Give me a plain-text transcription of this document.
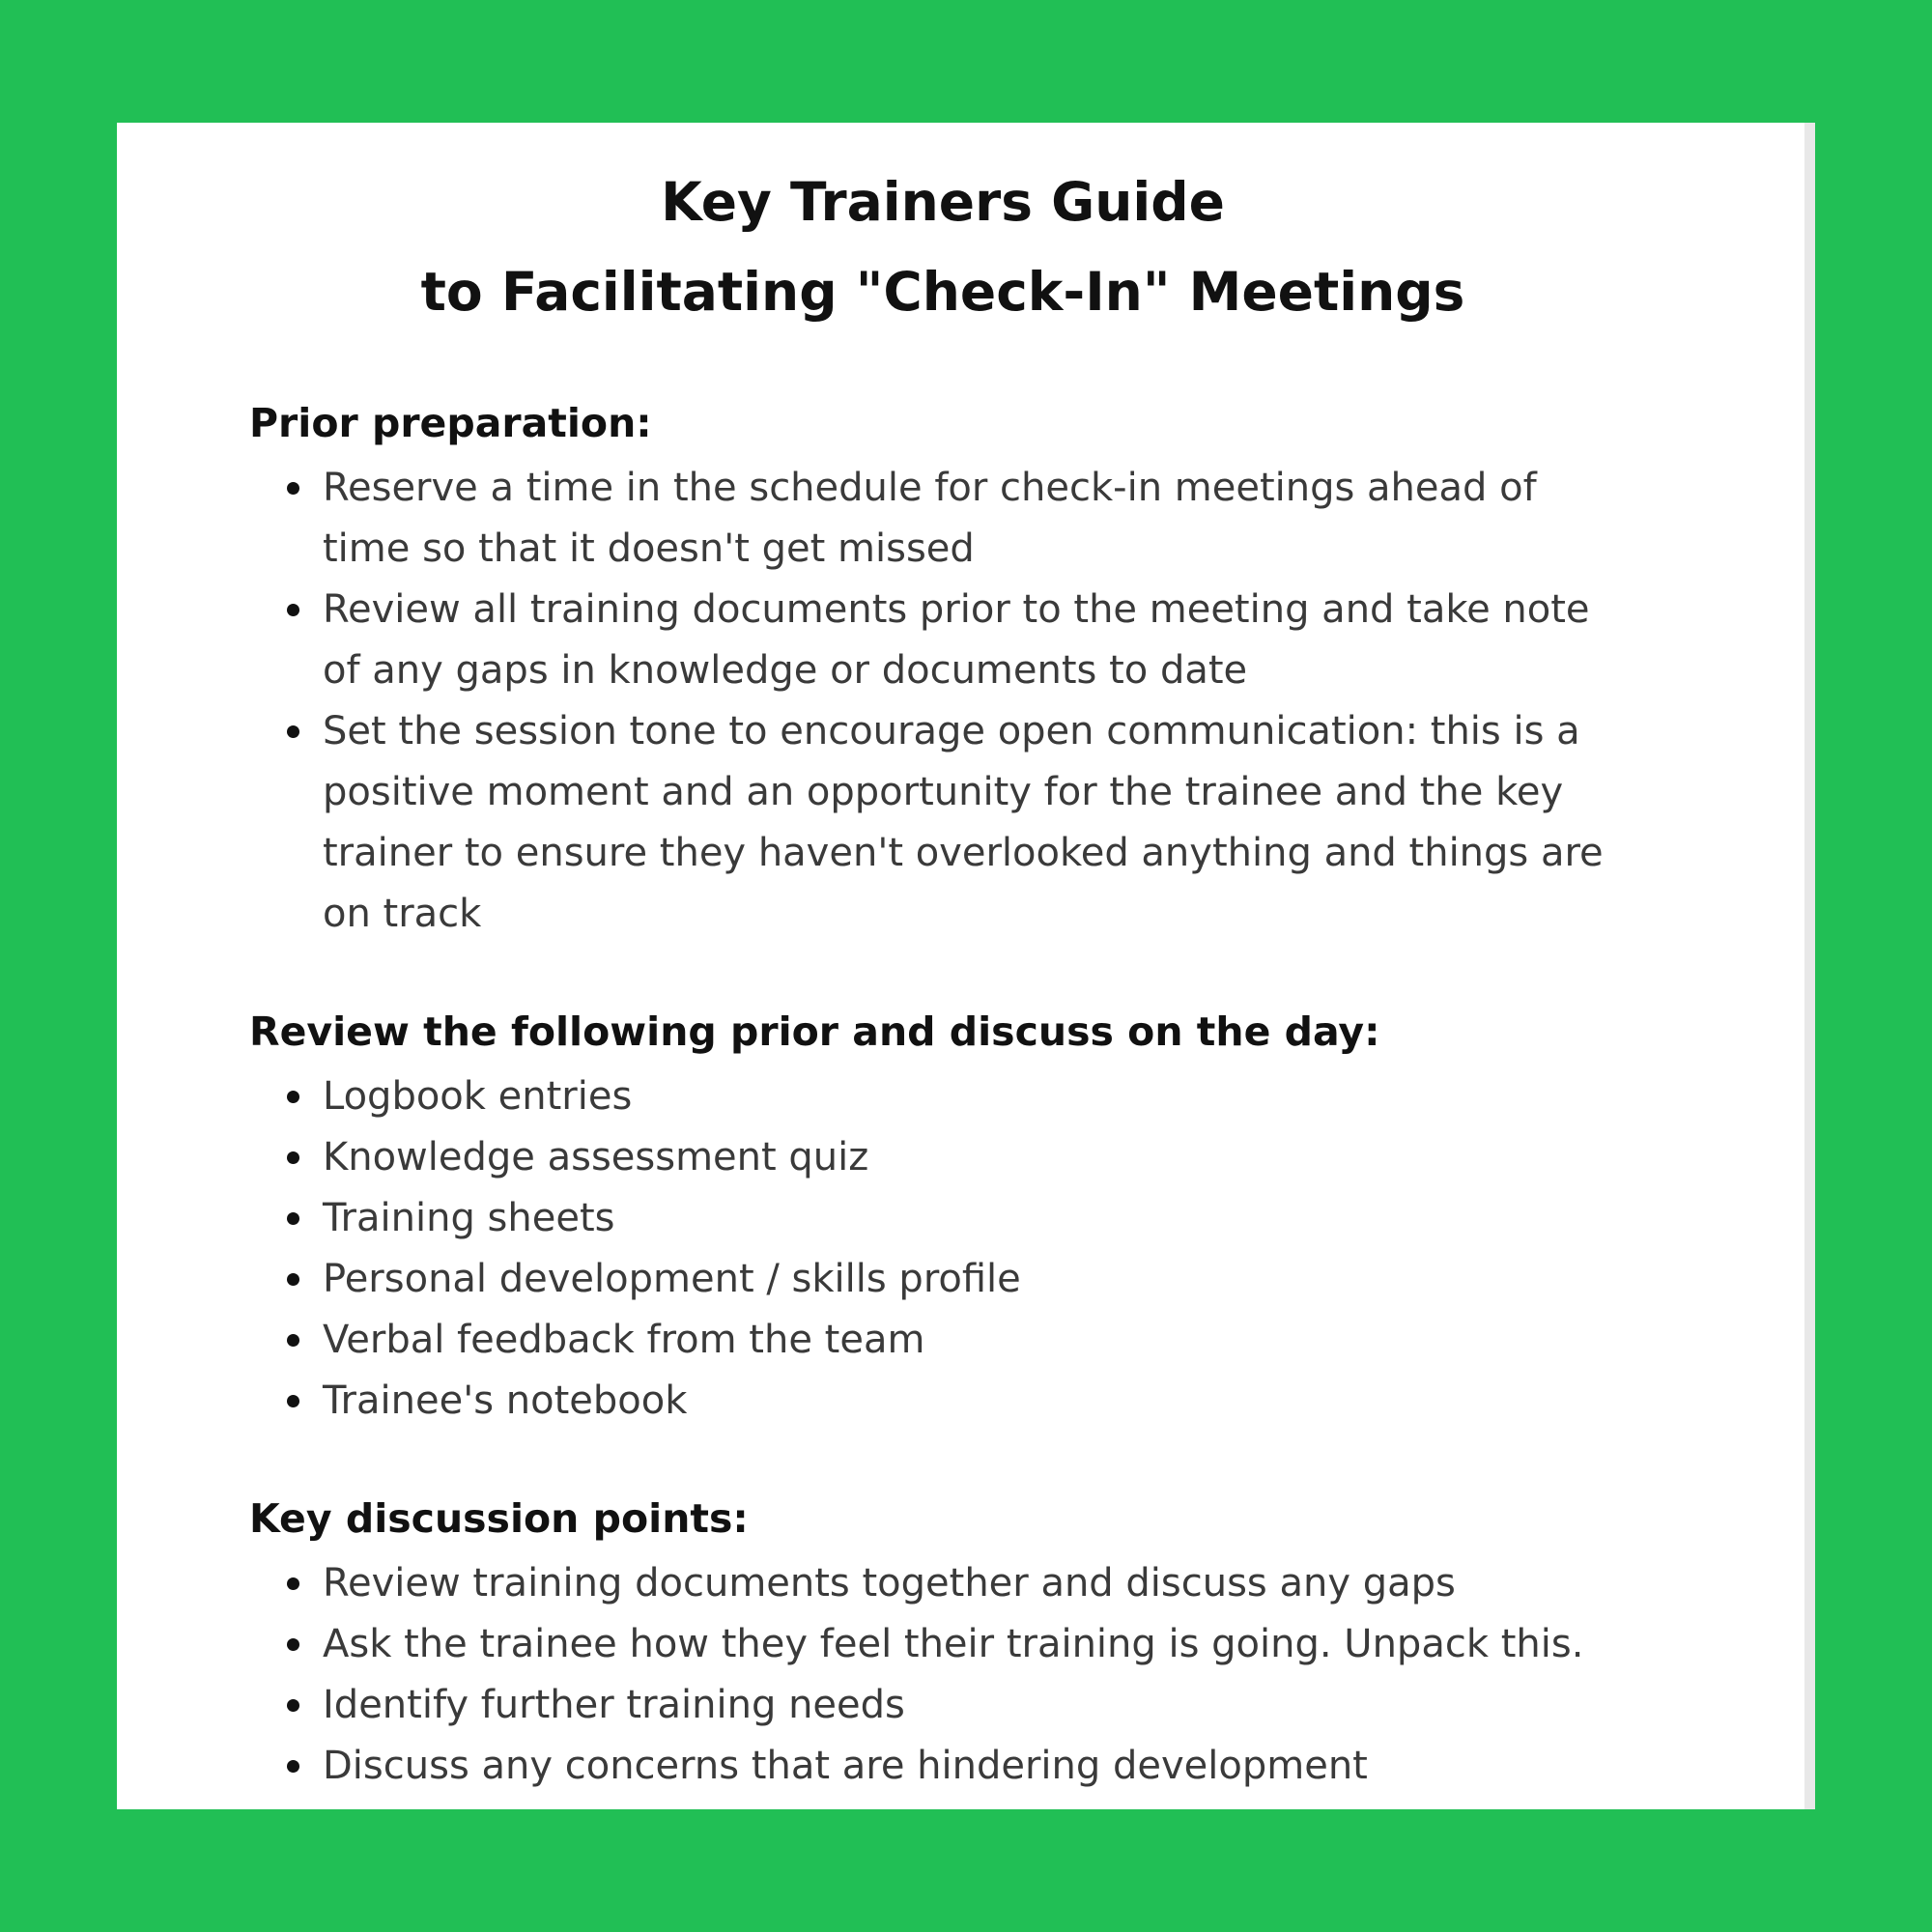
Key Trainers Guide
to Facilitating "Check-In" Meetings
Prior preparation:
Reserve a time in the schedule for check-in meetings ahead of time so that it doesn't get missed
Review all training documents prior to the meeting and take note of any gaps in knowledge or documents to date
Set the session tone to encourage open communication: this is a positive moment and an opportunity for the trainee and the key trainer to ensure they haven't overlooked anything and things are on track
Review the following prior and discuss on the day:
Logbook entries
Knowledge assessment quiz
Training sheets
Personal development / skills profile
Verbal feedback from the team
Trainee's notebook
Key discussion points:
Review training documents together and discuss any gaps
Ask the trainee how they feel their training is going. Unpack this.
Identify further training needs
Discuss any concerns that are hindering development
